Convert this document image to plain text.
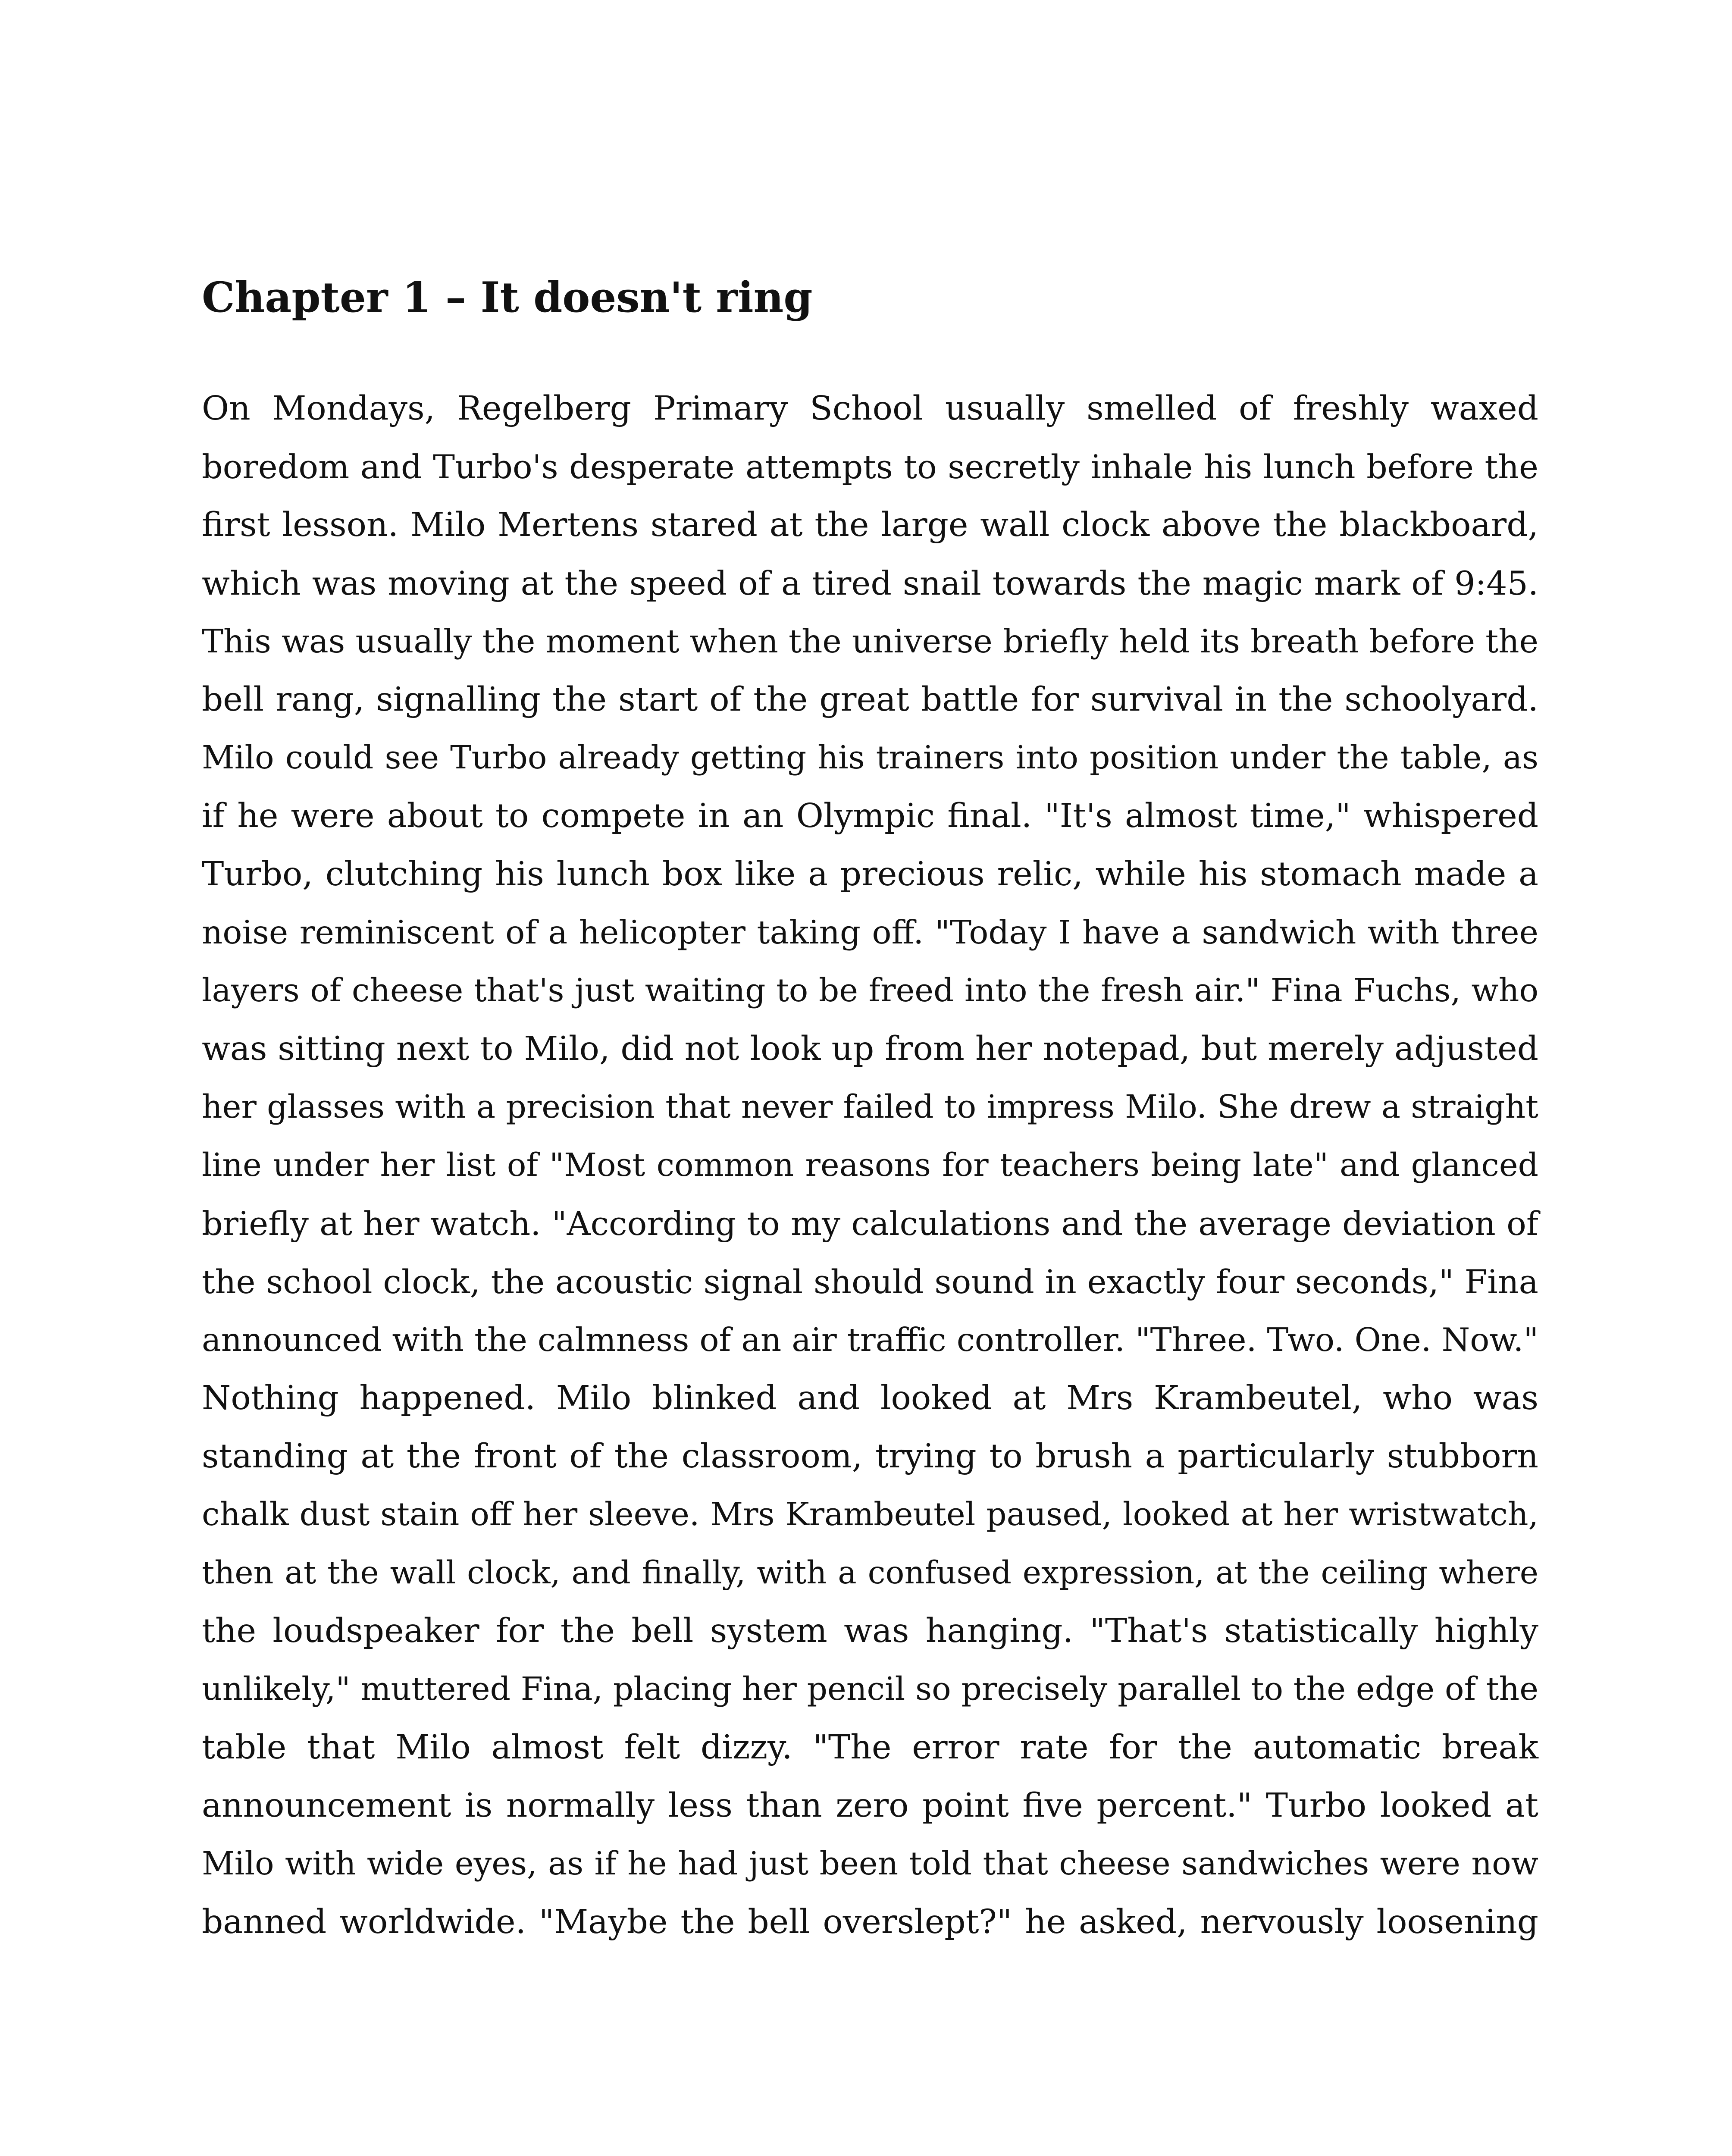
Chapter 1 – It doesn't ring
On Mondays, Regelberg Primary School usually smelled of freshly waxed
boredom and Turbo's desperate attempts to secretly inhale his lunch before the
first lesson. Milo Mertens stared at the large wall clock above the blackboard,
which was moving at the speed of a tired snail towards the magic mark of 9:45.
This was usually the moment when the universe briefly held its breath before the
bell rang, signalling the start of the great battle for survival in the schoolyard.
Milo could see Turbo already getting his trainers into position under the table, as
if he were about to compete in an Olympic final. "It's almost time," whispered
Turbo, clutching his lunch box like a precious relic, while his stomach made a
noise reminiscent of a helicopter taking off. "Today I have a sandwich with three
layers of cheese that's just waiting to be freed into the fresh air." Fina Fuchs, who
was sitting next to Milo, did not look up from her notepad, but merely adjusted
her glasses with a precision that never failed to impress Milo. She drew a straight
line under her list of "Most common reasons for teachers being late" and glanced
briefly at her watch. "According to my calculations and the average deviation of
the school clock, the acoustic signal should sound in exactly four seconds," Fina
announced with the calmness of an air traffic controller. "Three. Two. One. Now."
Nothing happened. Milo blinked and looked at Mrs Krambeutel, who was
standing at the front of the classroom, trying to brush a particularly stubborn
chalk dust stain off her sleeve. Mrs Krambeutel paused, looked at her wristwatch,
then at the wall clock, and finally, with a confused expression, at the ceiling where
the loudspeaker for the bell system was hanging. "That's statistically highly
unlikely," muttered Fina, placing her pencil so precisely parallel to the edge of the
table that Milo almost felt dizzy. "The error rate for the automatic break
announcement is normally less than zero point five percent." Turbo looked at
Milo with wide eyes, as if he had just been told that cheese sandwiches were now
banned worldwide. "Maybe the bell overslept?" he asked, nervously loosening
